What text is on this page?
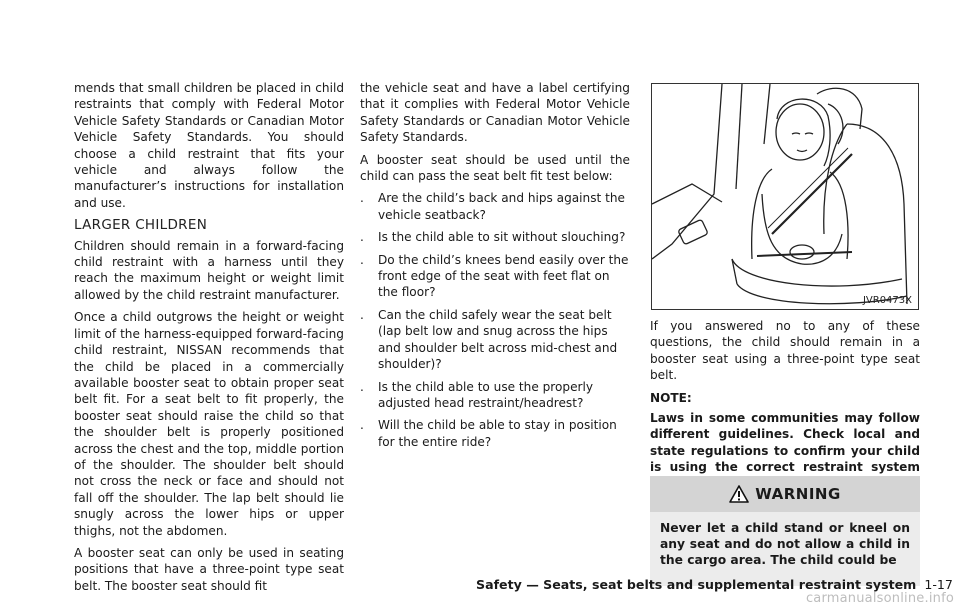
mends that small children be placed in child restraints that comply with Federal Motor Vehicle Safety Standards or Canadian Motor Vehicle Safety Standards. You should choose a child restraint that fits your vehicle and always follow the manufacturer’s instructions for installation and use.

LARGER CHILDREN

Children should remain in a forward-facing child restraint with a harness until they reach the maximum height or weight limit allowed by the child restraint manufacturer.

Once a child outgrows the height or weight limit of the harness-equipped forward-facing child restraint, NISSAN recommends that the child be placed in a commercially available booster seat to obtain proper seat belt fit. For a seat belt to fit properly, the booster seat should raise the child so that the shoulder belt is properly positioned across the chest and the top, middle portion of the shoulder. The shoulder belt should not cross the neck or face and should not fall off the shoulder. The lap belt should lie snugly across the lower hips or upper thighs, not the abdomen.

A booster seat can only be used in seating positions that have a three-point type seat belt. The booster seat should fit

the vehicle seat and have a label certifying that it complies with Federal Motor Vehicle Safety Standards or Canadian Motor Vehicle Safety Standards.

A booster seat should be used until the child can pass the seat belt fit test below:

. Are the child’s back and hips against the vehicle seatback?
. Is the child able to sit without slouching?
. Do the child’s knees bend easily over the front edge of the seat with feet flat on the floor?
. Can the child safely wear the seat belt (lap belt low and snug across the hips and shoulder belt across mid-chest and shoulder)?
. Is the child able to use the properly adjusted head restraint/headrest?
. Will the child be able to stay in position for the entire ride?
JVR0473X

If you answered no to any of these questions, the child should remain in a booster seat using a three-point type seat belt.

NOTE:

Laws in some communities may follow different guidelines. Check local and state regulations to confirm your child is using the correct restraint system

WARNING
Never let a child stand or kneel on any seat and do not allow a child in the cargo area. The child could be
Safety — Seats, seat belts and supplemental restraint system 1-17
carmanualsonline.info
